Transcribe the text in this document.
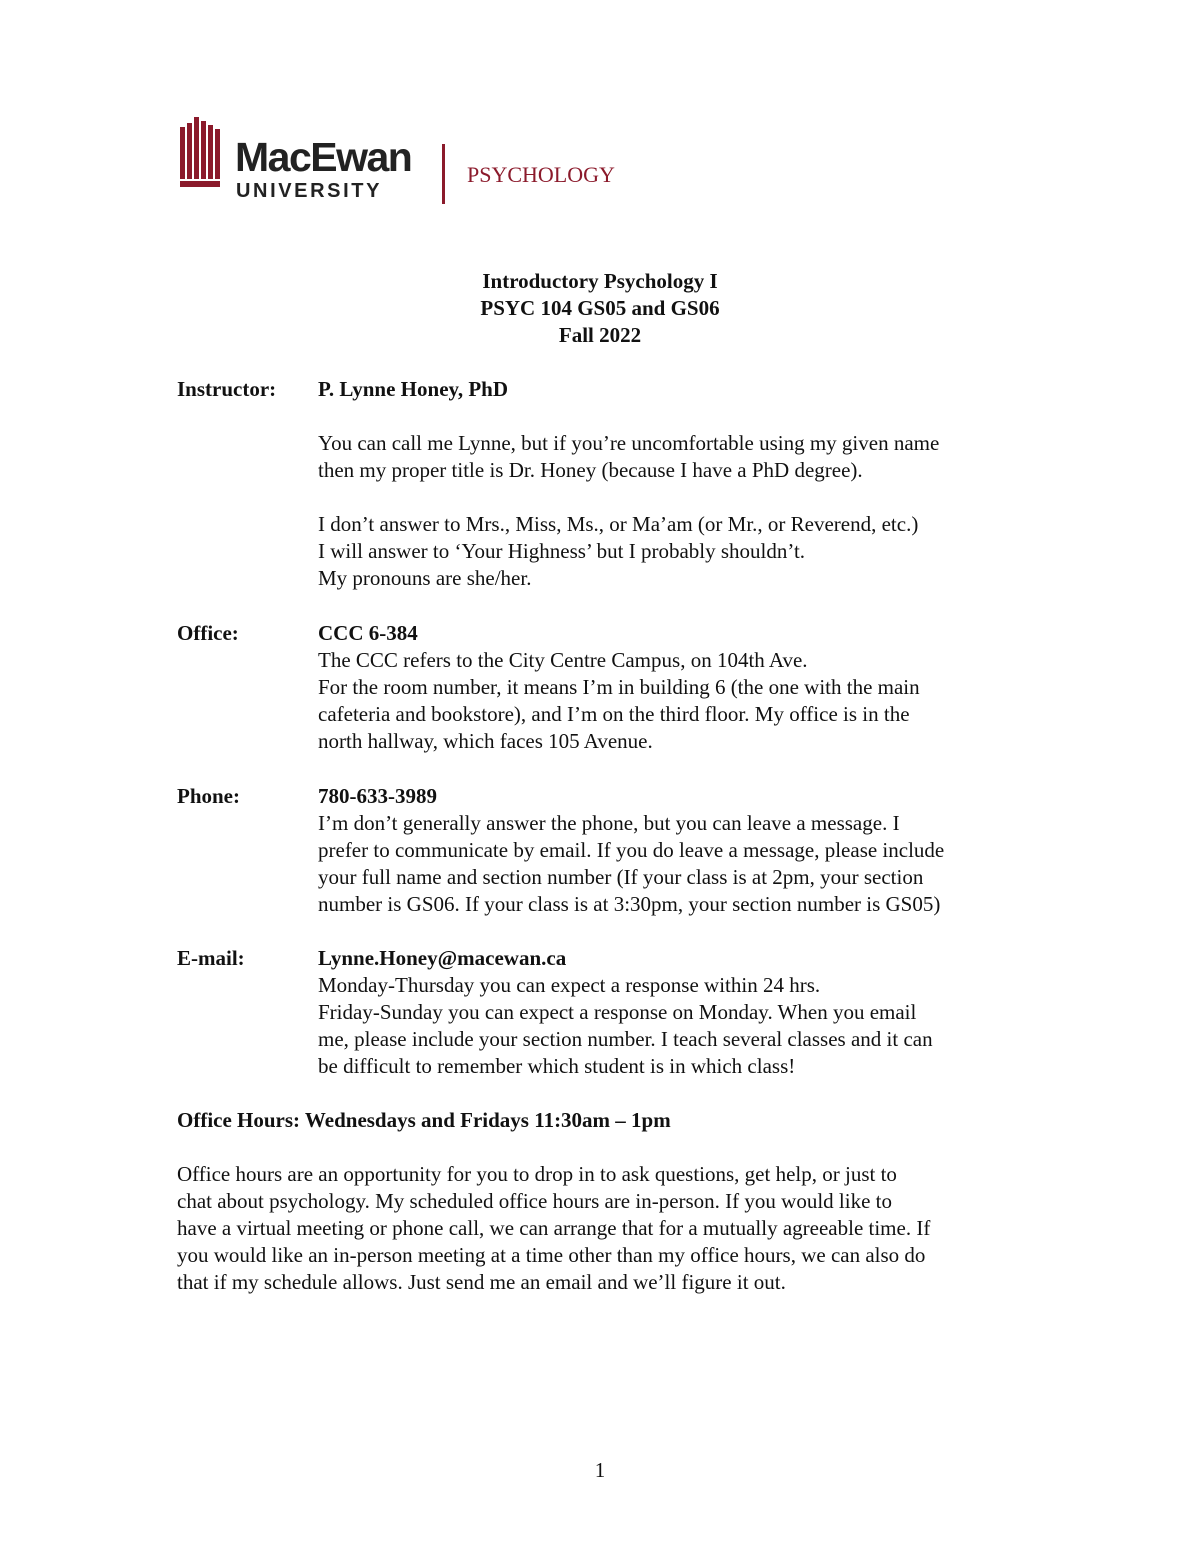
MacEwan
UNIVERSITY
PSYCHOLOGY
Introductory Psychology I
PSYC 104 GS05 and GS06
Fall 2022
Instructor: P. Lynne Honey, PhD
You can call me Lynne, but if you’re uncomfortable using my given name
then my proper title is Dr. Honey (because I have a PhD degree).
I don’t answer to Mrs., Miss, Ms., or Ma’am (or Mr., or Reverend, etc.)
I will answer to ‘Your Highness’ but I probably shouldn’t.
My pronouns are she/her.
Office:	CCC 6-384
The CCC refers to the City Centre Campus, on 104th Ave.
For the room number, it means I’m in building 6 (the one with the main
cafeteria and bookstore), and I’m on the third floor. My office is in the
north hallway, which faces 105 Avenue.
Phone:	780-633-3989
I’m don’t generally answer the phone, but you can leave a message. I
prefer to communicate by email. If you do leave a message, please include
your full name and section number (If your class is at 2pm, your section
number is GS06. If your class is at 3:30pm, your section number is GS05)
E-mail:	Lynne.Honey@macewan.ca
Monday-Thursday you can expect a response within 24 hrs.
Friday-Sunday you can expect a response on Monday. When you email
me, please include your section number. I teach several classes and it can
be difficult to remember which student is in which class!
Office Hours: Wednesdays and Fridays 11:30am – 1pm
Office hours are an opportunity for you to drop in to ask questions, get help, or just to
chat about psychology. My scheduled office hours are in-person. If you would like to
have a virtual meeting or phone call, we can arrange that for a mutually agreeable time. If
you would like an in-person meeting at a time other than my office hours, we can also do
that if my schedule allows. Just send me an email and we’ll figure it out.
1
